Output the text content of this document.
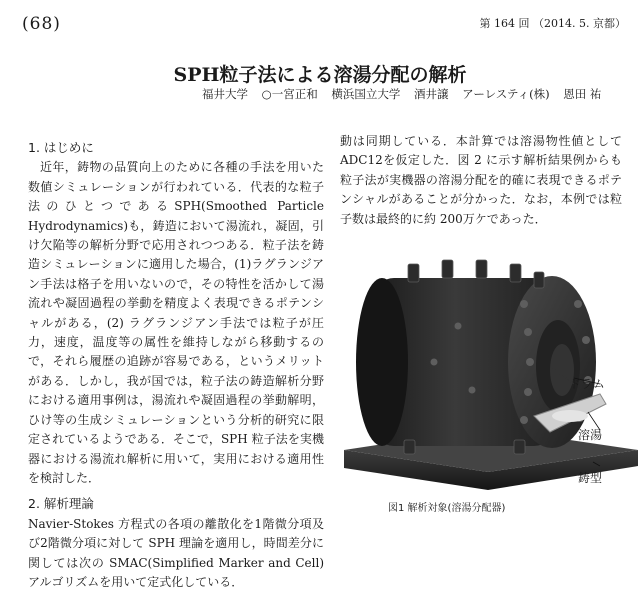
(68)	第 164 回 （2014. 5. 京都）
SPH粒子法による溶湯分配の解析
福井大学 ○一宮正和 横浜国立大学 酒井譲 アーレスティ(株) 恩田 祐
1. はじめに

近年，鋳物の品質向上のために各種の手法を用いた数値シミュレーションが行われている．代表的な粒子法のひとつであるSPH(Smoothed Particle Hydrodynamics)も，鋳造において湯流れ，凝固，引け欠陥等の解析分野で応用されつつある．粒子法を鋳造シミュレーションに適用した場合，(1)ラグランジアン手法は格子を用いないので，その特性を活かして湯流れや凝固過程の挙動を精度よく表現できるポテンシャルがある，(2) ラグランジアン手法では粒子が圧力，速度，温度等の属性を維持しながら移動するので，それら履歴の追跡が容易である，というメリットがある．しかし，我が国では，粒子法の鋳造解析分野における適用事例は，湯流れや凝固過程の挙動解明，ひけ等の生成シミュレーションという分析的研究に限定されているようである．そこで，SPH 粒子法を実機器における湯流れ解析に用いて，実用における適用性を検討した．

2. 解析理論

Navier-Stokes 方程式の各項の離散化を1階微分項及び2階微分項に対して SPH 理論を適用し，時間差分に関しては次の SMAC(Simplified Marker and Cell)アルゴリズムを用いて定式化している．

動は同期している．本計算では溶湯物性値としてADC12を仮定した．図 2 に示す解析結果例からも粒子法が実機器の溶湯分配を的確に表現できるポテンシャルがあることが分かった．なお，本例では粒子数は最終的に約 200万ケであった．

ドラム
溶湯
鋳型
図1 解析対象(溶湯分配器)
